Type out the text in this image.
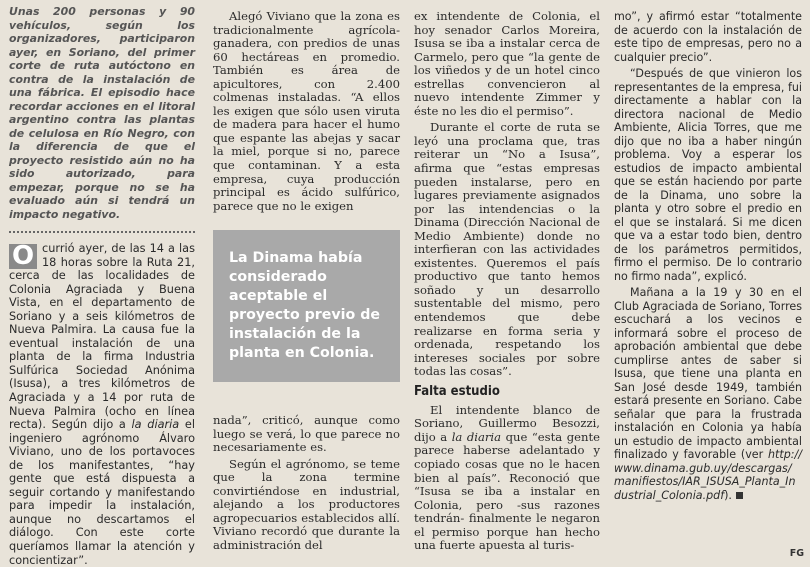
Unas 200 personas y 90 vehículos, según los organizadores, participaron ayer, en Soriano, del primer corte de ruta autóctono en contra de la instalación de una fábrica. El episodio hace recordar acciones en el litoral argentino contra las plantas de celulosa en Río Negro, con la diferencia de que el proyecto resistido aún no ha sido autorizado, para empezar, porque no se ha evaluado aún si tendrá un impacto negativo.

O currió ayer, de las 14 a las 18 horas sobre la Ruta 21, cerca de las localidades de Colonia Agraciada y Buena Vista, en el departamento de Soriano y a seis kilómetros de Nueva Palmira. La causa fue la eventual instalación de una planta de la firma Industria Sulfúrica Sociedad Anónima (Isusa), a tres kilómetros de Agraciada y a 14 por ruta de Nueva Palmira (ocho en línea recta). Según dijo a la diaria el ingeniero agrónomo Álvaro Viviano, uno de los portavoces de los manifestantes, “hay gente que está dispuesta a seguir cortando y manifestando para impedir la instalación, aunque no descartamos el diálogo. Con este corte queríamos llamar la atención y concientizar”.

Alegó Viviano que la zona es tradicionalmente agrícola-ganadera, con predios de unas 60 hectáreas en promedio. También es área de apicultores, con 2.400 colmenas instaladas. “A ellos les exigen que sólo usen viruta de madera para hacer el humo que espante las abejas y sacar la miel, porque si no, parece que contaminan. Y a esta empresa, cuya producción principal es ácido sulfúrico, parece que no le exigen

nada”, criticó, aunque como luego se verá, lo que parece no necesariamente es.

Según el agrónomo, se teme que la zona termine convirtiéndose en industrial, alejando a los productores agropecuarios establecidos allí. Viviano recordó que durante la administración del

La Dinama había considerado aceptable el proyecto previo de instalación de la planta en Colonia.

ex intendente de Colonia, el hoy senador Carlos Moreira, Isusa se iba a instalar cerca de Carmelo, pero que “la gente de los viñedos y de un hotel cinco estrellas convencieron al nuevo intendente Zimmer y éste no les dio el permiso”.

Durante el corte de ruta se leyó una proclama que, tras reiterar un “No a Isusa”, afirma que “estas empresas pueden instalarse, pero en lugares previamente asignados por las intendencias o la Dinama (Dirección Nacional de Medio Ambiente) donde no interfieran con las actividades existentes. Queremos el país productivo que tanto hemos soñado y un desarrollo sustentable del mismo, pero entendemos que debe realizarse en forma seria y ordenada, respetando los intereses sociales por sobre todas las cosas”.

Falta estudio

El intendente blanco de Soriano, Guillermo Besozzi, dijo a la diaria que “esta gente parece haberse adelantado y copiado cosas que no le hacen bien al país”. Reconoció que “Isusa se iba a instalar en Colonia, pero -sus razones tendrán- finalmente le negaron el permiso porque han hecho una fuerte apuesta al turis-

mo”, y afirmó estar “totalmente de acuerdo con la instalación de este tipo de empresas, pero no a cualquier precio”.

“Después de que vinieron los representantes de la empresa, fui directamente a hablar con la directora nacional de Medio Ambiente, Alicia Torres, que me dijo que no iba a haber ningún problema. Voy a esperar los estudios de impacto ambiental que se están haciendo por parte de la Dinama, uno sobre la planta y otro sobre el predio en el que se instalará. Si me dicen que va a estar todo bien, dentro de los parámetros permitidos, firmo el permiso. De lo contrario no firmo nada”, explicó.

Mañana a la 19 y 30 en el Club Agraciada de Soriano, Torres escuchará a los vecinos e informará sobre el proceso de aprobación ambiental que debe cumplirse antes de saber si Isusa, que tiene una planta en San José desde 1949, también estará presente en Soriano. Cabe señalar que para la frustrada instalación en Colonia ya había un estudio de impacto ambiental finalizado y favorable (ver http://www.dinama.gub.uy/descargas/manifiestos/IAR_ISUSA_Planta_Industrial_Colonia.pdf).

FG
